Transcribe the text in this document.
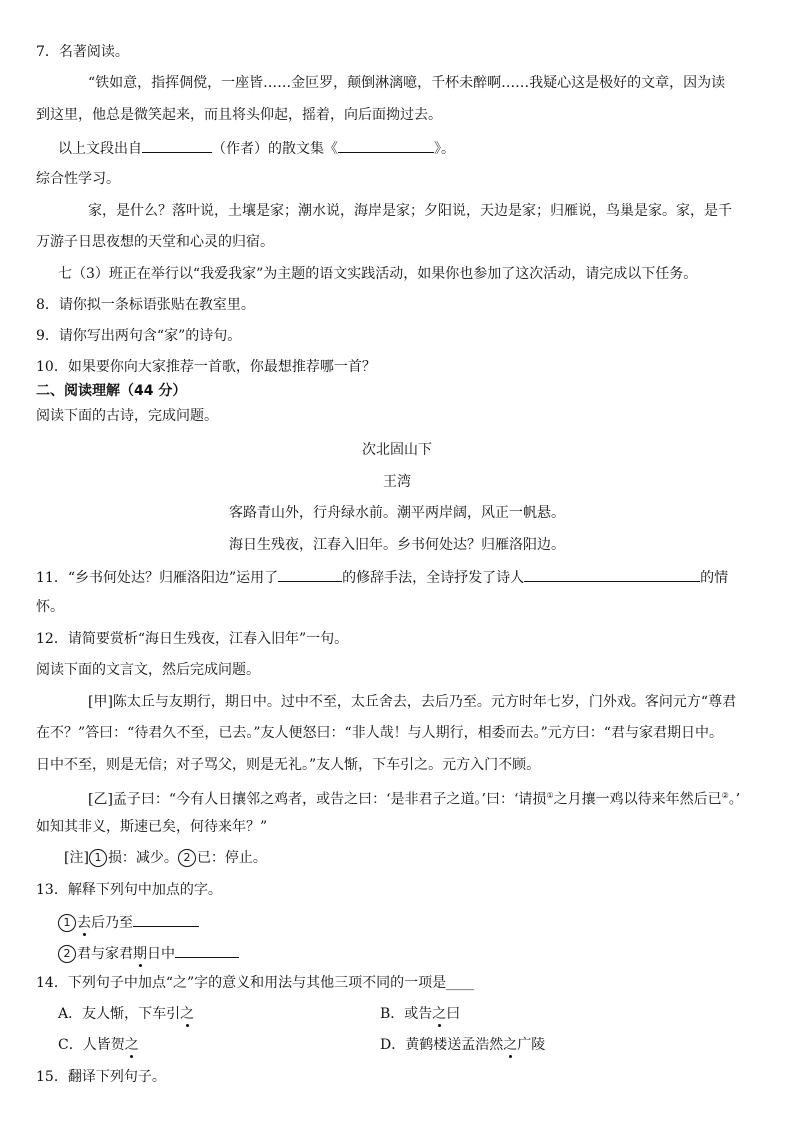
7．名著阅读。
“铁如意，指挥倜傥，一座皆……金叵罗，颠倒淋漓噫，千杯未醉啊……我疑心这是极好的文章，因为读
到这里，他总是微笑起来，而且将头仰起，摇着，向后面拗过去。
以上文段出自	（作者）的散文集《	》。
综合性学习。
家，是什么？落叶说，土壤是家；潮水说，海岸是家；夕阳说，天边是家；归雁说，鸟巢是家。家，是千
万游子日思夜想的天堂和心灵的归宿。
七（3）班正在举行以“我爱我家”为主题的语文实践活动，如果你也参加了这次活动，请完成以下任务。
8．请你拟一条标语张贴在教室里。
9．请你写出两句含“家”的诗句。
10．如果要你向大家推荐一首歌，你最想推荐哪一首？
二、阅读理解（44 分）
阅读下面的古诗，完成问题。
次北固山下
王湾
客路青山外，行舟绿水前。潮平两岸阔，风正一帆悬。
海日生残夜，江春入旧年。乡书何处达？归雁洛阳边。
11．“乡书何处达？归雁洛阳边”运用了	的修辞手法，全诗抒发了诗人	的情
怀。
12．请简要赏析“海日生残夜，江春入旧年”一句。
阅读下面的文言文，然后完成问题。
[甲]陈太丘与友期行，期日中。过中不至，太丘舍去，去后乃至。元方时年七岁，门外戏。客问元方“尊君
在不？”答曰：“待君久不至，已去。”友人便怒曰：“非人哉！与人期行，相委而去。”元方曰：“君与家君期日中。
日中不至，则是无信；对子骂父，则是无礼。”友人惭，下车引之。元方入门不顾。
[乙]孟子曰：“今有人日攘邻之鸡者，或告之曰：‘是非君子之道。’曰：‘请损①之月攘一鸡以待来年然后已②。’
如知其非义，斯速已矣，何待来年？”
[注] 1 损：减少。 2 已：停止。
13．解释下列句中加点的字。
1 去后乃至
2 君与家君期日中
14．下列句子中加点“之”字的意义和用法与其他三项不同的一项是____
A．友人惭，下车引之	B．或告之曰
C．人皆贺之	D．黄鹤楼送孟浩然之广陵
15．翻译下列句子。
